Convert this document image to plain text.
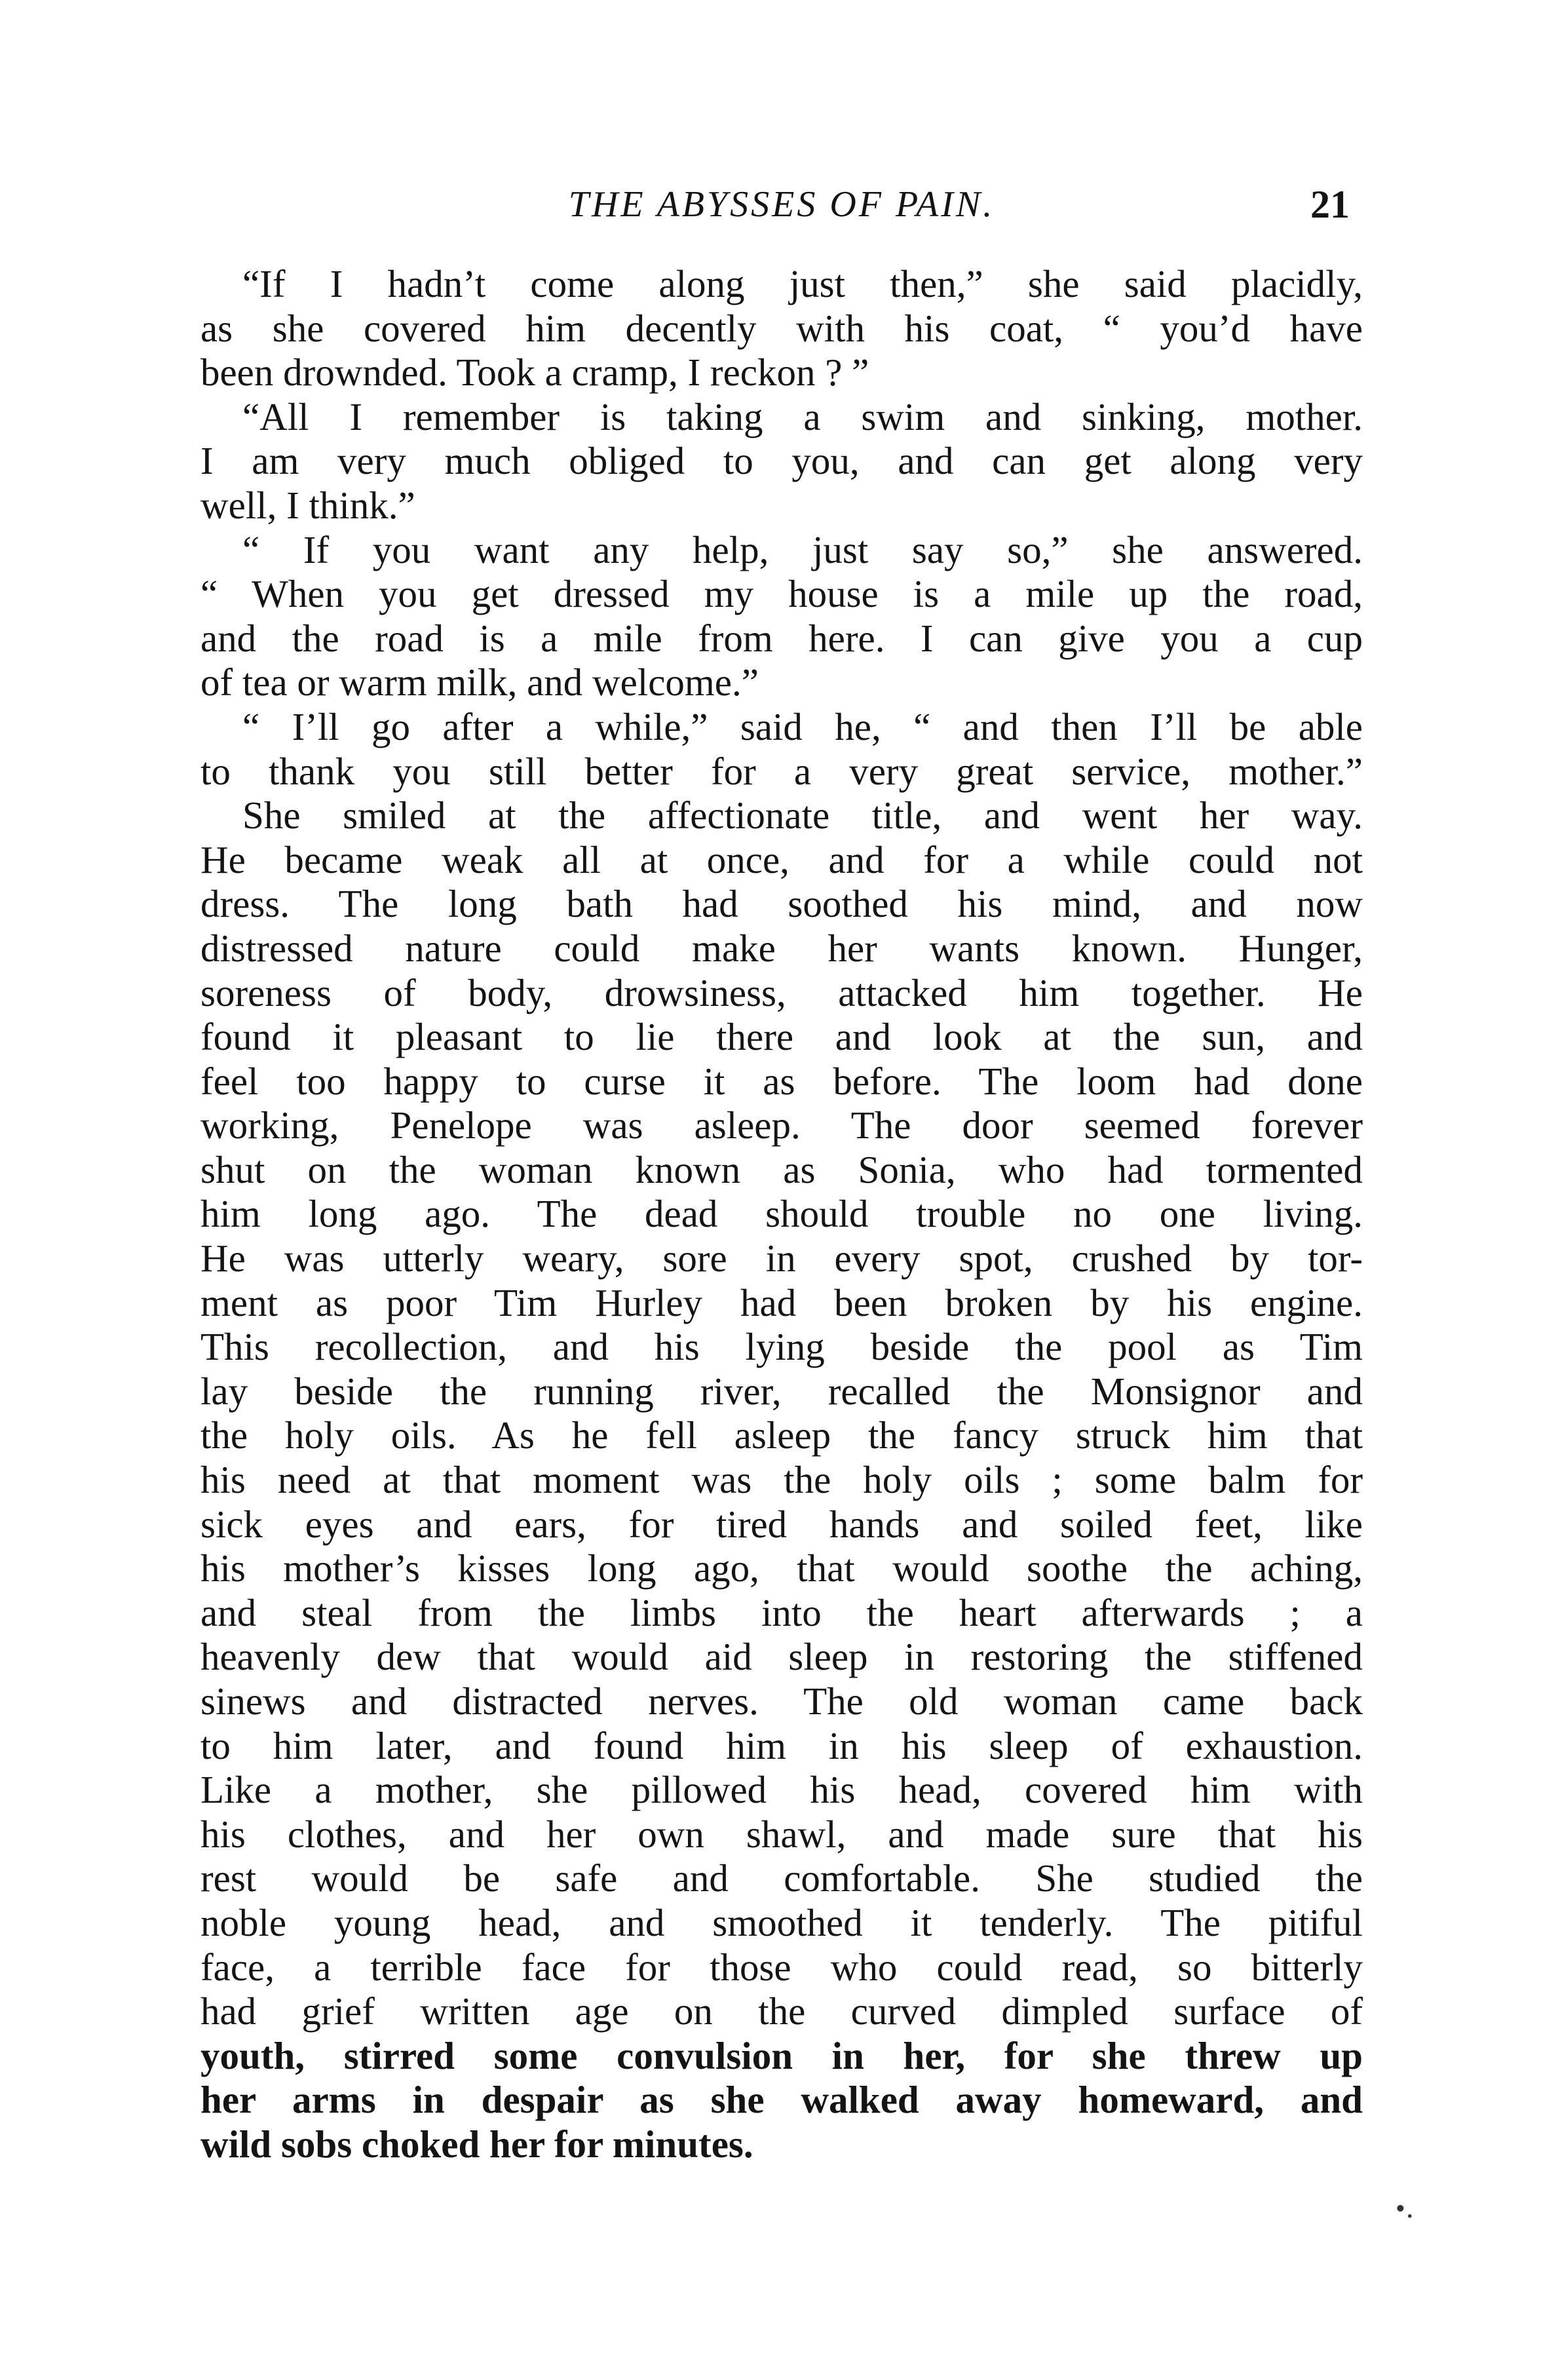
THE ABYSSES OF PAIN.	21
“If I hadn’t come along just then,” she said placidly,
as she covered him decently with his coat, “ you’d have
been drownded. Took a cramp, I reckon ? ”
“All I remember is taking a swim and sinking, mother.
I am very much obliged to you, and can get along very
well, I think.”
“ If you want any help, just say so,” she answered.
“ When you get dressed my house is a mile up the road,
and the road is a mile from here. I can give you a cup
of tea or warm milk, and welcome.”
“ I’ll go after a while,” said he, “ and then I’ll be able
to thank you still better for a very great service, mother.”
She smiled at the affectionate title, and went her way.
He became weak all at once, and for a while could not
dress. The long bath had soothed his mind, and now
distressed nature could make her wants known. Hunger,
soreness of body, drowsiness, attacked him together. He
found it pleasant to lie there and look at the sun, and
feel too happy to curse it as before. The loom had done
working, Penelope was asleep. The door seemed forever
shut on the woman known as Sonia, who had tormented
him long ago. The dead should trouble no one living.
He was utterly weary, sore in every spot, crushed by tor-
ment as poor Tim Hurley had been broken by his engine.
This recollection, and his lying beside the pool as Tim
lay beside the running river, recalled the Monsignor and
the holy oils. As he fell asleep the fancy struck him that
his need at that moment was the holy oils ; some balm for
sick eyes and ears, for tired hands and soiled feet, like
his mother’s kisses long ago, that would soothe the aching,
and steal from the limbs into the heart afterwards ; a
heavenly dew that would aid sleep in restoring the stiffened
sinews and distracted nerves. The old woman came back
to him later, and found him in his sleep of exhaustion.
Like a mother, she pillowed his head, covered him with
his clothes, and her own shawl, and made sure that his
rest would be safe and comfortable. She studied the
noble young head, and smoothed it tenderly. The pitiful
face, a terrible face for those who could read, so bitterly
had grief written age on the curved dimpled surface of
youth, stirred some convulsion in her, for she threw up
her arms in despair as she walked away homeward, and
wild sobs choked her for minutes.
•․
